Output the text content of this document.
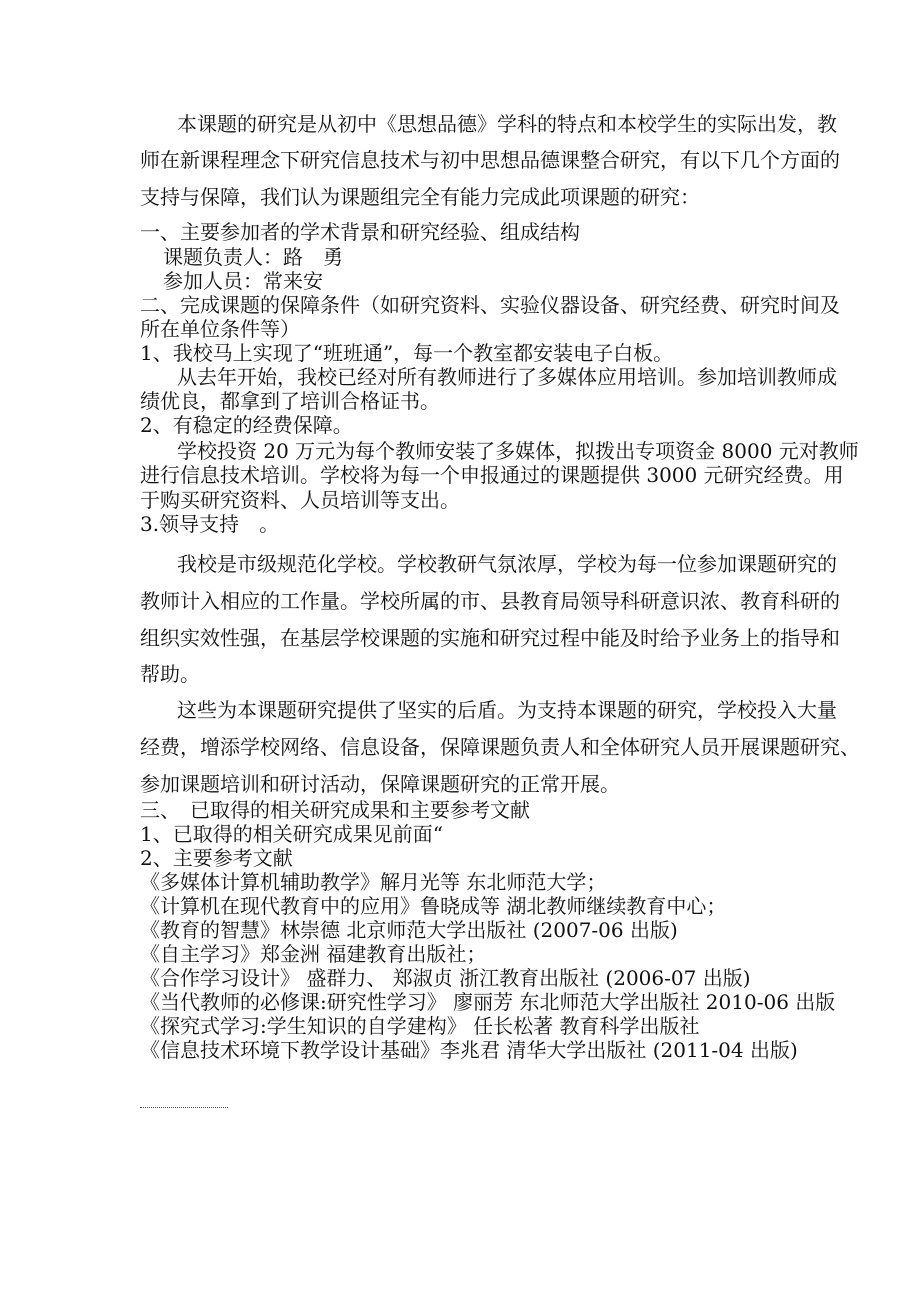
本课题的研究是从初中《思想品德》学科的特点和本校学生的实际出发，教
师在新课程理念下研究信息技术与初中思想品德课整合研究，有以下几个方面的
支持与保障，我们认为课题组完全有能力完成此项课题的研究：
一、主要参加者的学术背景和研究经验、组成结构
课题负责人：路　勇
参加人员：常来安
二、完成课题的保障条件（如研究资料、实验仪器设备、研究经费、研究时间及
所在单位条件等）
1、我校马上实现了“班班通”，每一个教室都安装电子白板。
从去年开始，我校已经对所有教师进行了多媒体应用培训。参加培训教师成
绩优良，都拿到了培训合格证书。
2、有稳定的经费保障。
学校投资 20 万元为每个教师安装了多媒体，拟拨出专项资金 8000 元对教师
进行信息技术培训。学校将为每一个申报通过的课题提供 3000 元研究经费。用
于购买研究资料、人员培训等支出。
3.领导支持　。
我校是市级规范化学校。学校教研气氛浓厚，学校为每一位参加课题研究的
教师计入相应的工作量。学校所属的市、县教育局领导科研意识浓、教育科研的
组织实效性强，在基层学校课题的实施和研究过程中能及时给予业务上的指导和
帮助。
这些为本课题研究提供了坚实的后盾。为支持本课题的研究，学校投入大量
经费，增添学校网络、信息设备，保障课题负责人和全体研究人员开展课题研究、
参加课题培训和研讨活动，保障课题研究的正常开展。
三、　已取得的相关研究成果和主要参考文献
1、已取得的相关研究成果见前面“
2、主要参考文献
《多媒体计算机辅助教学》解月光等 东北师范大学；
《计算机在现代教育中的应用》鲁晓成等 湖北教师继续教育中心；
《教育的智慧》林崇德 北京师范大学出版社 (2007-06 出版)
《自主学习》郑金洲 福建教育出版社；
《合作学习设计》 盛群力、 郑淑贞 浙江教育出版社 (2006-07 出版)
《当代教师的必修课:研究性学习》 廖丽芳 东北师范大学出版社 2010-06 出版
《探究式学习:学生知识的自学建构》 任长松著 教育科学出版社
《信息技术环境下教学设计基础》李兆君 清华大学出版社 (2011-04 出版)
